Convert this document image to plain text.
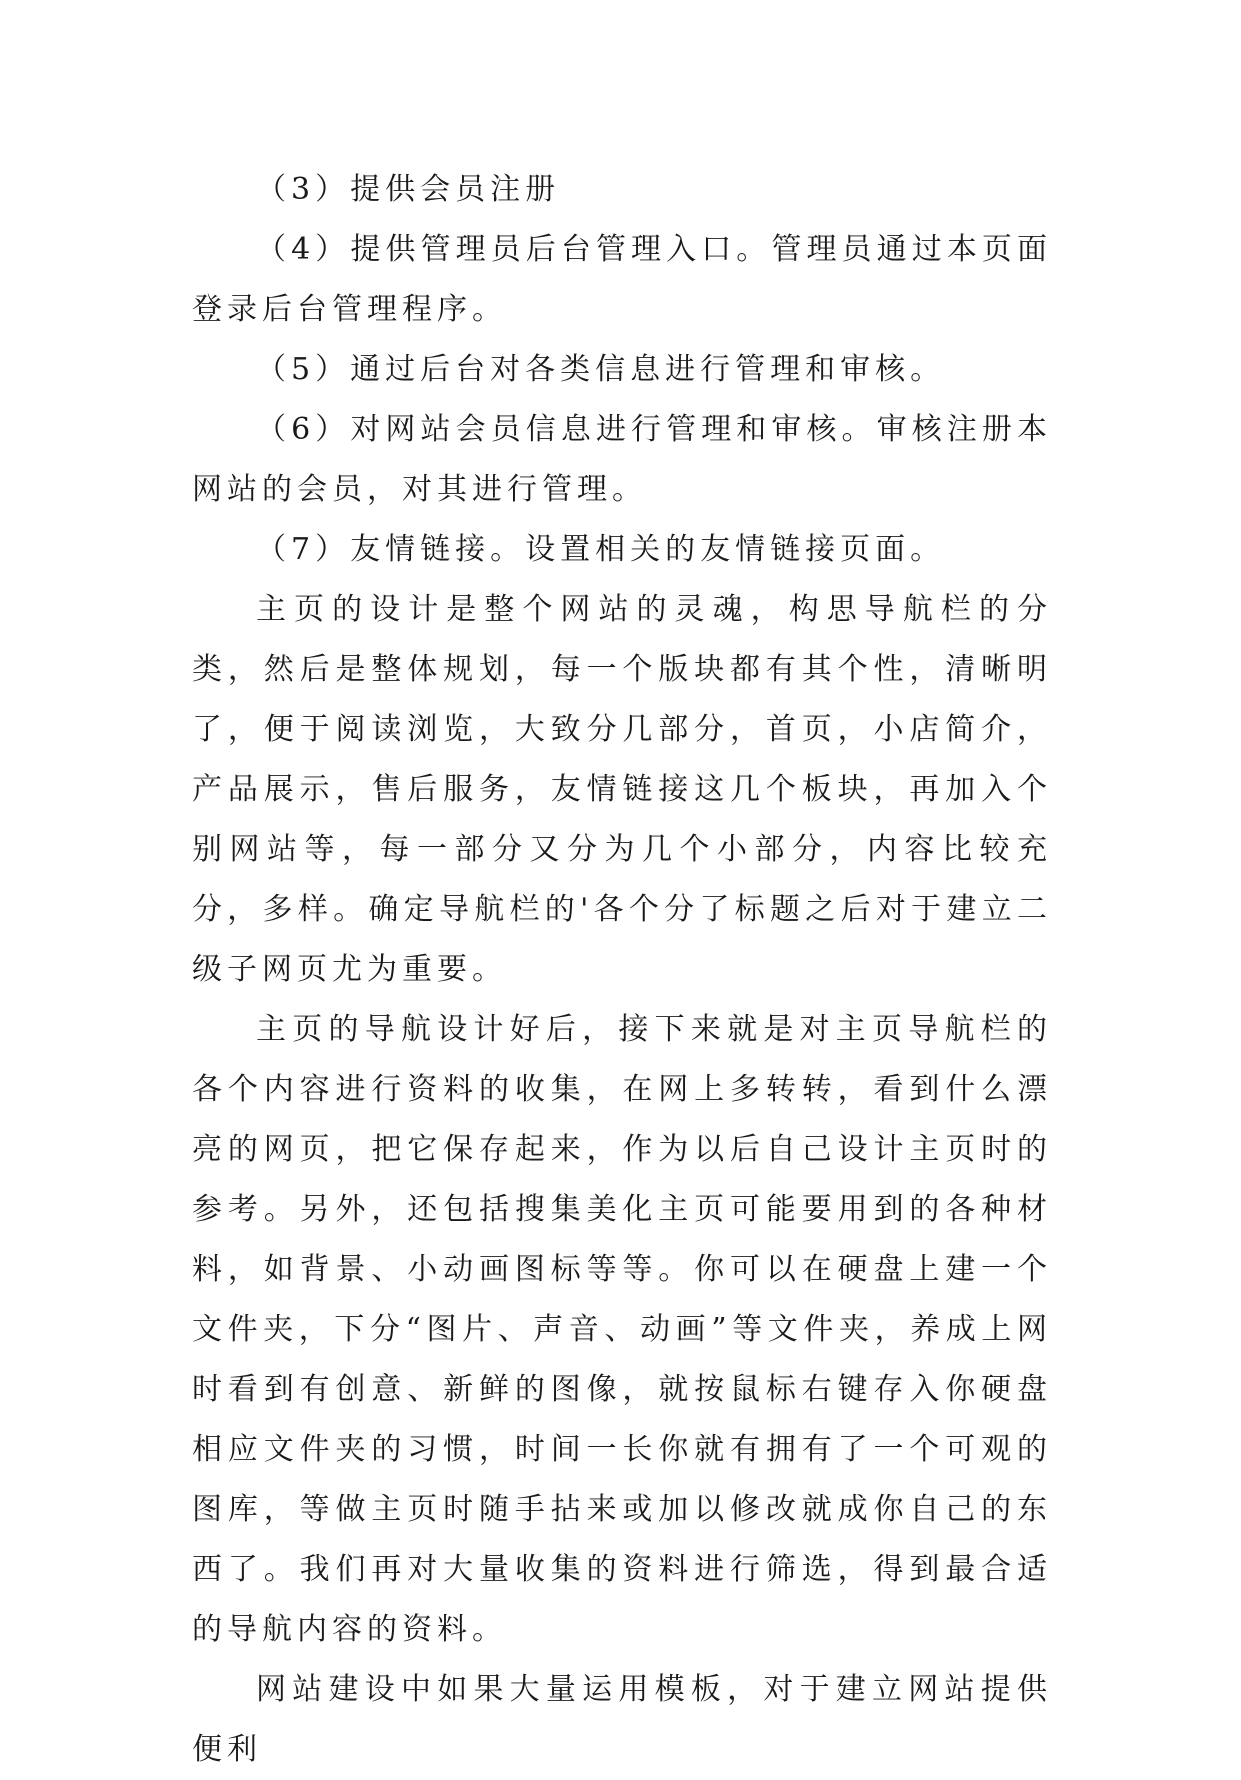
（3）提供会员注册

（4）提供管理员后台管理入口。管理员通过本页面登录后台管理程序。

（5）通过后台对各类信息进行管理和审核。

（6）对网站会员信息进行管理和审核。审核注册本网站的会员，对其进行管理。

（7）友情链接。设置相关的友情链接页面。

主页的设计是整个网站的灵魂，构思导航栏的分类，然后是整体规划，每一个版块都有其个性，清晰明了，便于阅读浏览，大致分几部分，首页，小店简介，产品展示，售后服务，友情链接这几个板块，再加入个别网站等，每一部分又分为几个小部分，内容比较充分，多样。确定导航栏的'各个分了标题之后对于建立二级子网页尤为重要。

主页的导航设计好后，接下来就是对主页导航栏的各个内容进行资料的收集，在网上多转转，看到什么漂亮的网页，把它保存起来，作为以后自己设计主页时的参考。另外，还包括搜集美化主页可能要用到的各种材料，如背景、小动画图标等等。你可以在硬盘上建一个文件夹，下分“图片、声音、动画”等文件夹，养成上网时看到有创意、新鲜的图像，就按鼠标右键存入你硬盘相应文件夹的习惯，时间一长你就有拥有了一个可观的图库，等做主页时随手拈来或加以修改就成你自己的东西了。我们再对大量收集的资料进行筛选，得到最合适的导航内容的资料。

网站建设中如果大量运用模板，对于建立网站提供便利
